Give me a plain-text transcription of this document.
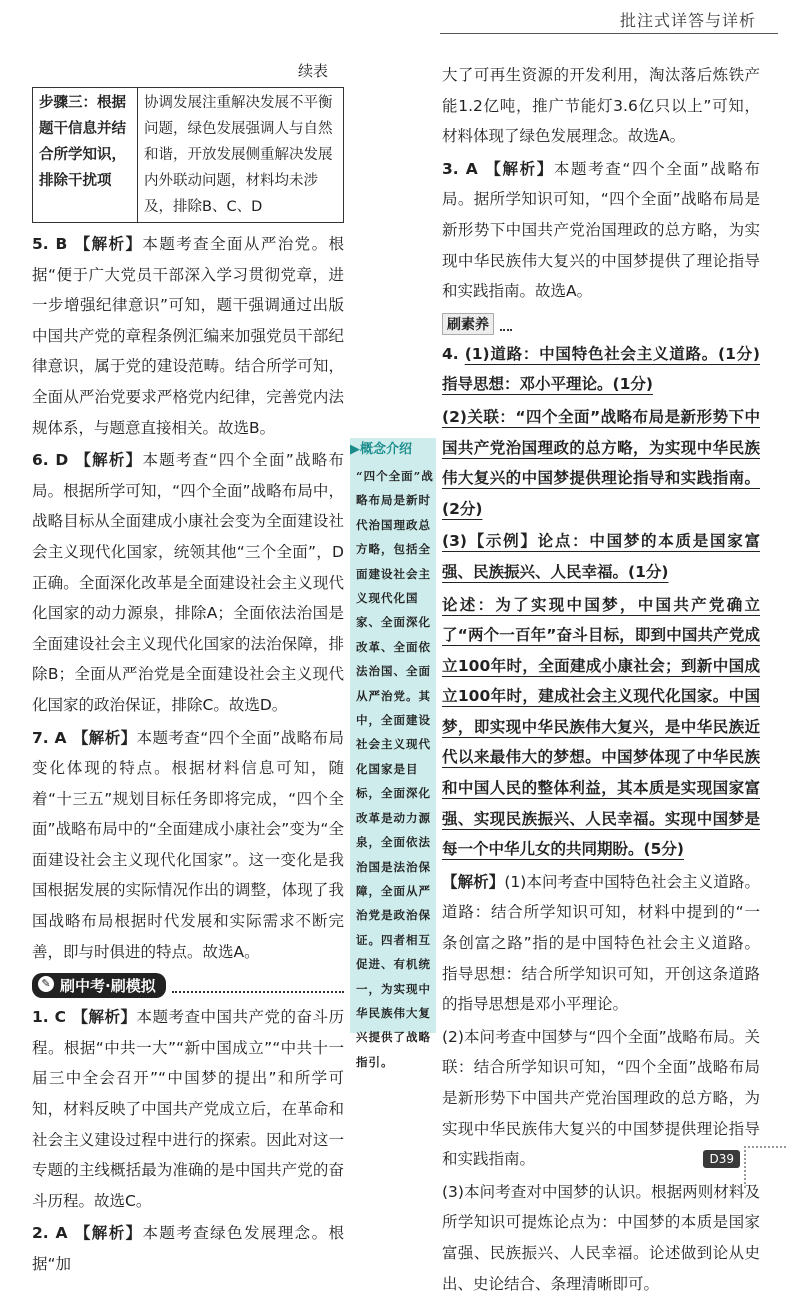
批注式详答与详析

续表

步骤三：根据题干信息并结合所学知识，排除干扰项	协调发展注重解决发展不平衡问题，绿色发展强调人与自然和谐，开放发展侧重解决发展内外联动问题，材料均未涉及，排除B、C、D

5. B 【解析】本题考查全面从严治党。根据“便于广大党员干部深入学习贯彻党章，进一步增强纪律意识”可知，题干强调通过出版中国共产党的章程条例汇编来加强党员干部纪律意识，属于党的建设范畴。结合所学可知，全面从严治党要求严格党内纪律，完善党内法规体系，与题意直接相关。故选B。

6. D 【解析】本题考查“四个全面”战略布局。根据所学可知，“四个全面”战略布局中，战略目标从全面建成小康社会变为全面建设社会主义现代化国家，统领其他“三个全面”，D正确。全面深化改革是全面建设社会主义现代化国家的动力源泉，排除A；全面依法治国是全面建设社会主义现代化国家的法治保障，排除B；全面从严治党是全面建设社会主义现代化国家的政治保证，排除C。故选D。

7. A 【解析】本题考查“四个全面”战略布局变化体现的特点。根据材料信息可知，随着“十三五”规划目标任务即将完成，“四个全面”战略布局中的“全面建成小康社会”变为“全面建设社会主义现代化国家”。这一变化是我国根据发展的实际情况作出的调整，体现了我国战略布局根据时代发展和实际需求不断完善，即与时俱进的特点。故选A。

✎ 刷中考·刷模拟

1. C 【解析】本题考查中国共产党的奋斗历程。根据“中共一大”“新中国成立”“中共十一届三中全会召开”“中国梦的提出”和所学可知，材料反映了中国共产党成立后，在革命和社会主义建设过程中进行的探索。因此对这一专题的主线概括最为准确的是中国共产党的奋斗历程。故选C。

2. A 【解析】本题考查绿色发展理念。根据“加

▶概念介绍
“四个全面”战略布局是新时代治国理政总方略，包括全面建设社会主义现代化国家、全面深化改革、全面依法治国、全面从严治党。其中，全面建设社会主义现代化国家是目标，全面深化改革是动力源泉，全面依法治国是法治保障，全面从严治党是政治保证。四者相互促进、有机统一，为实现中华民族伟大复兴提供了战略指引。

大了可再生资源的开发利用，淘汰落后炼铁产能1.2亿吨，推广节能灯3.6亿只以上”可知，材料体现了绿色发展理念。故选A。

3. A 【解析】本题考查“四个全面”战略布局。据所学知识可知，“四个全面”战略布局是新形势下中国共产党治国理政的总方略，为实现中华民族伟大复兴的中国梦提供了理论指导和实践指南。故选A。

刷素养

4. (1)道路：中国特色社会主义道路。(1分)指导思想：邓小平理论。(1分)

(2)关联：“四个全面”战略布局是新形势下中国共产党治国理政的总方略，为实现中华民族伟大复兴的中国梦提供理论指导和实践指南。(2分)

(3)【示例】论点：中国梦的本质是国家富强、民族振兴、人民幸福。(1分)

论述：为了实现中国梦，中国共产党确立了“两个一百年”奋斗目标，即到中国共产党成立100年时，全面建成小康社会；到新中国成立100年时，建成社会主义现代化国家。中国梦，即实现中华民族伟大复兴，是中华民族近代以来最伟大的梦想。中国梦体现了中华民族和中国人民的整体利益，其本质是实现国家富强、实现民族振兴、人民幸福。实现中国梦是每一个中华儿女的共同期盼。(5分)

【解析】(1)本问考查中国特色社会主义道路。道路：结合所学知识可知，材料中提到的“一条创富之路”指的是中国特色社会主义道路。指导思想：结合所学知识可知，开创这条道路的指导思想是邓小平理论。

(2)本问考查中国梦与“四个全面”战略布局。关联：结合所学知识可知，“四个全面”战略布局是新形势下中国共产党治国理政的总方略，为实现中华民族伟大复兴的中国梦提供理论指导和实践指南。

(3)本问考查对中国梦的认识。根据两则材料及所学知识可提炼论点为：中国梦的本质是国家富强、民族振兴、人民幸福。论述做到论从史出、史论结合、条理清晰即可。

D39
